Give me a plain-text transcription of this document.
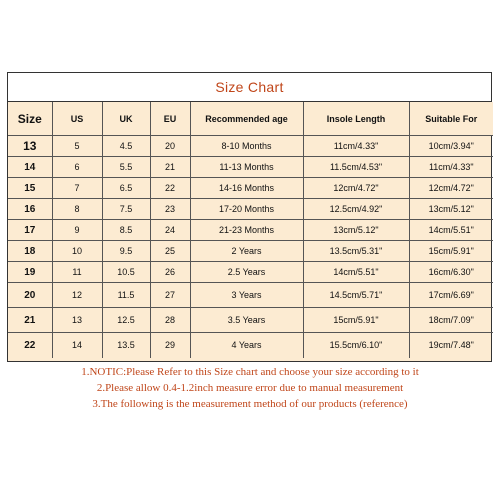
Size Chart
Size	US	UK	EU	Recommended age	Insole Length	Suitable For
13	5	4.5	20	8-10 Months	11cm/4.33"	10cm/3.94"
14	6	5.5	21	11-13 Months	11.5cm/4.53"	11cm/4.33"
15	7	6.5	22	14-16 Months	12cm/4.72"	12cm/4.72"
16	8	7.5	23	17-20 Months	12.5cm/4.92"	13cm/5.12"
17	9	8.5	24	21-23 Months	13cm/5.12"	14cm/5.51"
18	10	9.5	25	2 Years	13.5cm/5.31"	15cm/5.91"
19	11	10.5	26	2.5 Years	14cm/5.51"	16cm/6.30"
20	12	11.5	27	3 Years	14.5cm/5.71"	17cm/6.69"
21	13	12.5	28	3.5 Years	15cm/5.91"	18cm/7.09"
22	14	13.5	29	4 Years	15.5cm/6.10"	19cm/7.48"
1.NOTIC:Please Refer to this Size chart and choose your size according to it
2.Please allow 0.4-1.2inch measure error due to manual measurement
3.The following is the measurement method of our products (reference)
